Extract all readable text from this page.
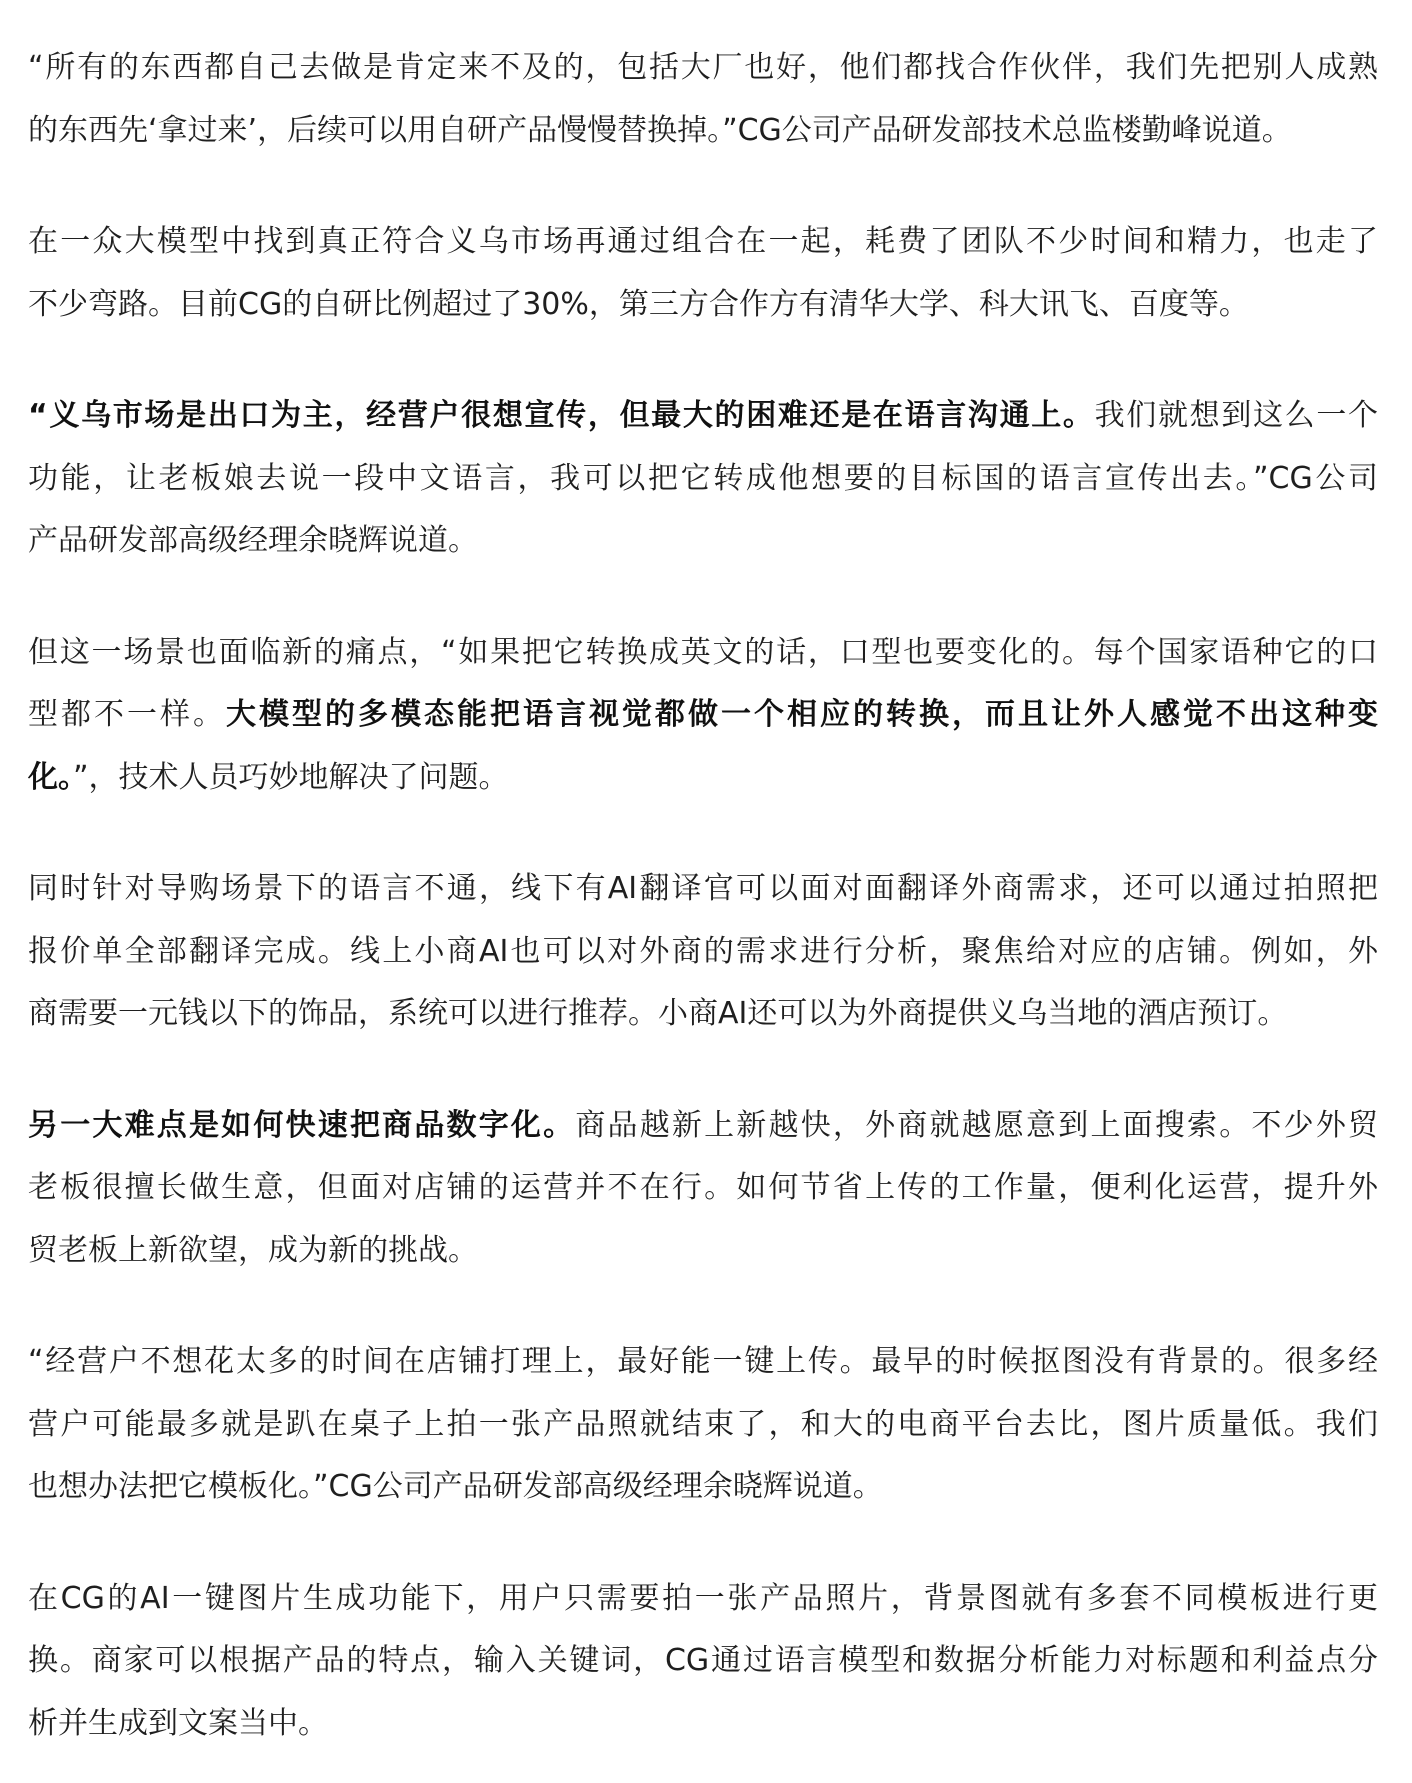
“所有的东西都自己去做是肯定来不及的，包括大厂也好，他们都找合作伙伴，我们先把别人成熟
的东西先‘拿过来’，后续可以用自研产品慢慢替换掉。”CG公司产品研发部技术总监楼勤峰说道。

在一众大模型中找到真正符合义乌市场再通过组合在一起，耗费了团队不少时间和精力，也走了
不少弯路。目前CG的自研比例超过了30%，第三方合作方有清华大学、科大讯飞、百度等。

“义乌市场是出口为主，经营户很想宣传，但最大的困难还是在语言沟通上。我们就想到这么一个
功能，让老板娘去说一段中文语言，我可以把它转成他想要的目标国的语言宣传出去。”CG公司
产品研发部高级经理余晓辉说道。

但这一场景也面临新的痛点，“如果把它转换成英文的话，口型也要变化的。每个国家语种它的口
型都不一样。大模型的多模态能把语言视觉都做一个相应的转换，而且让外人感觉不出这种变
化。”，技术人员巧妙地解决了问题。

同时针对导购场景下的语言不通，线下有AI翻译官可以面对面翻译外商需求，还可以通过拍照把
报价单全部翻译完成。线上小商AI也可以对外商的需求进行分析，聚焦给对应的店铺。例如，外
商需要一元钱以下的饰品，系统可以进行推荐。小商AI还可以为外商提供义乌当地的酒店预订。

另一大难点是如何快速把商品数字化。商品越新上新越快，外商就越愿意到上面搜索。不少外贸
老板很擅长做生意，但面对店铺的运营并不在行。如何节省上传的工作量，便利化运营，提升外
贸老板上新欲望，成为新的挑战。

“经营户不想花太多的时间在店铺打理上，最好能一键上传。最早的时候抠图没有背景的。很多经
营户可能最多就是趴在桌子上拍一张产品照就结束了，和大的电商平台去比，图片质量低。我们
也想办法把它模板化。”CG公司产品研发部高级经理余晓辉说道。

在CG的AI一键图片生成功能下，用户只需要拍一张产品照片，背景图就有多套不同模板进行更
换。商家可以根据产品的特点，输入关键词，CG通过语言模型和数据分析能力对标题和利益点分
析并生成到文案当中。
